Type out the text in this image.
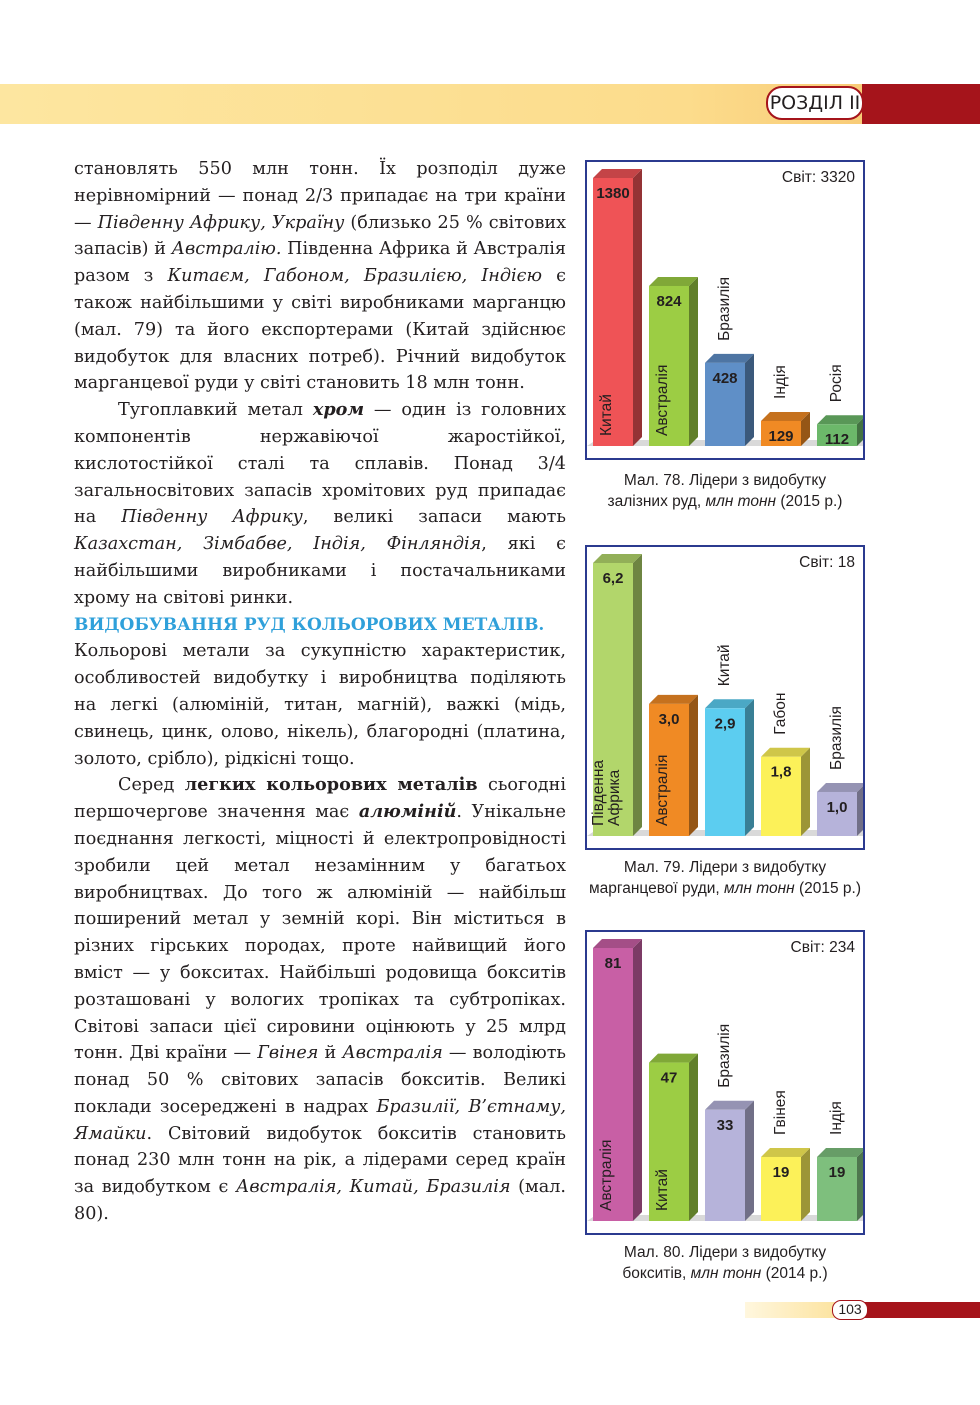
РОЗДІЛ ІІ

становлять 550 млн тонн. Їх розподіл дуже нерівномірний — понад 2/3 припадає на три країни — Південну Африку, Україну (близько 25 % світових запасів) й Австралію. Південна Африка й Австралія разом з Китаєм, Габоном, Бразилією, Індією є також найбільшими у світі виробниками марганцю (мал. 79) та його експортерами (Китай здійснює видобуток для власних потреб). Річний видобуток марганцевої руди у світі становить 18 млн тонн.

Тугоплавкий метал хром — один із головних компонентів нержавіючої жаростійкої, кислотостійкої сталі та сплавів. Понад 3/4 загальносвітових запасів хромітових руд припадає на Південну Африку, великі запаси мають Казахстан, Зімбабве, Індія, Фінляндія, які є найбільшими виробниками і постачальниками хрому на світові ринки.

ВИДОБУВАННЯ РУД КОЛЬОРОВИХ МЕТАЛІВ.

Кольорові метали за сукупністю характеристик, особливостей видобутку і виробництва поділяють на легкі (алюміній, титан, магній), важкі (мідь, свинець, цинк, олово, нікель), благородні (платина, золото, срібло), рідкісні тощо.

Серед легких кольорових металів сьогодні першочергове значення має алюміній. Унікальне поєднання легкості, міцності й електропровідності зробили цей метал незамінним у багатьох виробництвах. До того ж алюміній — найбільш поширений метал у земній корі. Він міститься в різних гірських породах, проте найвищий його вміст — у бокситах. Найбільші родовища бокситів розташовані у вологих тропіках та субтропіках. Світові запаси цієї сировини оцінюють у 25 млрд тонн. Дві країни — Гвінея й Австралія — володіють понад 50 % світових запасів бокситів. Великі поклади зосереджені в надрах Бразилії, В’єтнаму, Ямайки. Світовий видобуток бокситів становить понад 230 млн тонн на рік, а лідерами серед країн за видобутком є Австралія, Китай, Бразилія (мал. 80).

Світ: 3320
1380
Китай
824
Австралія	428
Бразилія
129
Індія
112
Росія
Мал. 78. Лідери з видобутку
залізних руд, млн тонн (2015 р.)
Світ: 18
6,2
Південна Африка
3,0
Австралія
2,9
Китай
1,8
Габон
1,0
Бразилія
Мал. 79. Лідери з видобутку
марганцевої руди, млн тонн (2015 р.)
Світ: 234
81
Австралія
47
Китай
33
Бразилія
19
Гвінея
19
Індія
Мал. 80. Лідери з видобутку
бокситів, млн тонн (2014 р.)
103
